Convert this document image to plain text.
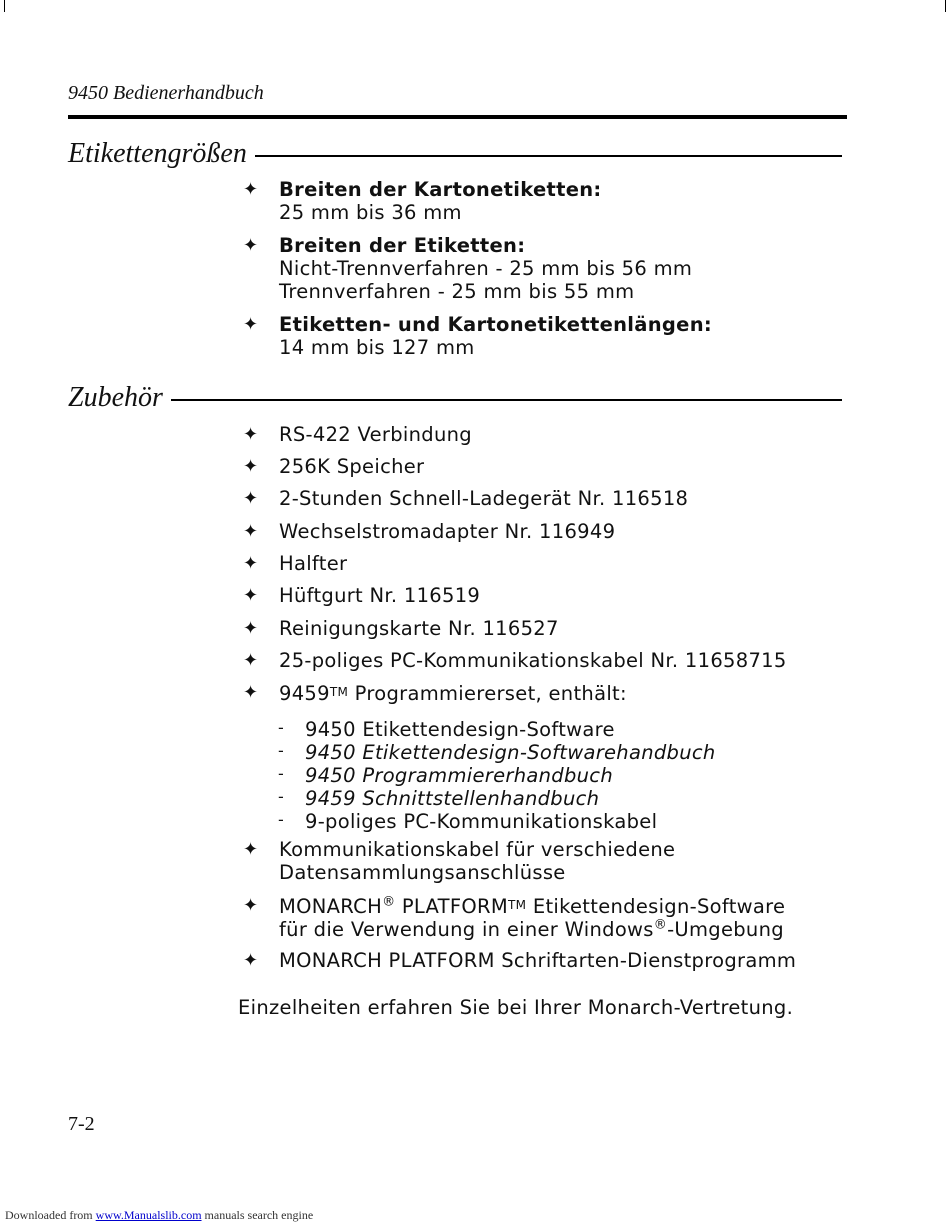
9450 Bedienerhandbuch
Etikettengrößen
✦ Breiten der Kartonetiketten:
25 mm bis 36 mm
✦ Breiten der Etiketten:
Nicht-Trennverfahren - 25 mm bis 56 mm
Trennverfahren - 25 mm bis 55 mm
✦ Etiketten- und Kartonetikettenlängen:
14 mm bis 127 mm
Zubehör
✦ RS-422 Verbindung
✦ 256K Speicher
✦ 2-Stunden Schnell-Ladegerät Nr. 116518
✦ Wechselstromadapter Nr. 116949
✦ Halfter
✦ Hüftgurt Nr. 116519
✦ Reinigungskarte Nr. 116527
✦ 25-poliges PC-Kommunikationskabel Nr. 11658715
✦ 9459™ Programmiererset, enthält:
- 9450 Etikettendesign-Software
- 9450 Etikettendesign-Softwarehandbuch
- 9450 Programmiererhandbuch
- 9459 Schnittstellenhandbuch
- 9-poliges PC-Kommunikationskabel
✦ Kommunikationskabel für verschiedene
Datensammlungsanschlüsse
✦ MONARCH® PLATFORM™ Etikettendesign-Software
für die Verwendung in einer Windows®-Umgebung
✦ MONARCH PLATFORM Schriftarten-Dienstprogramm
Einzelheiten erfahren Sie bei Ihrer Monarch-Vertretung.
7-2
Downloaded from www.Manualslib.com manuals search engine
